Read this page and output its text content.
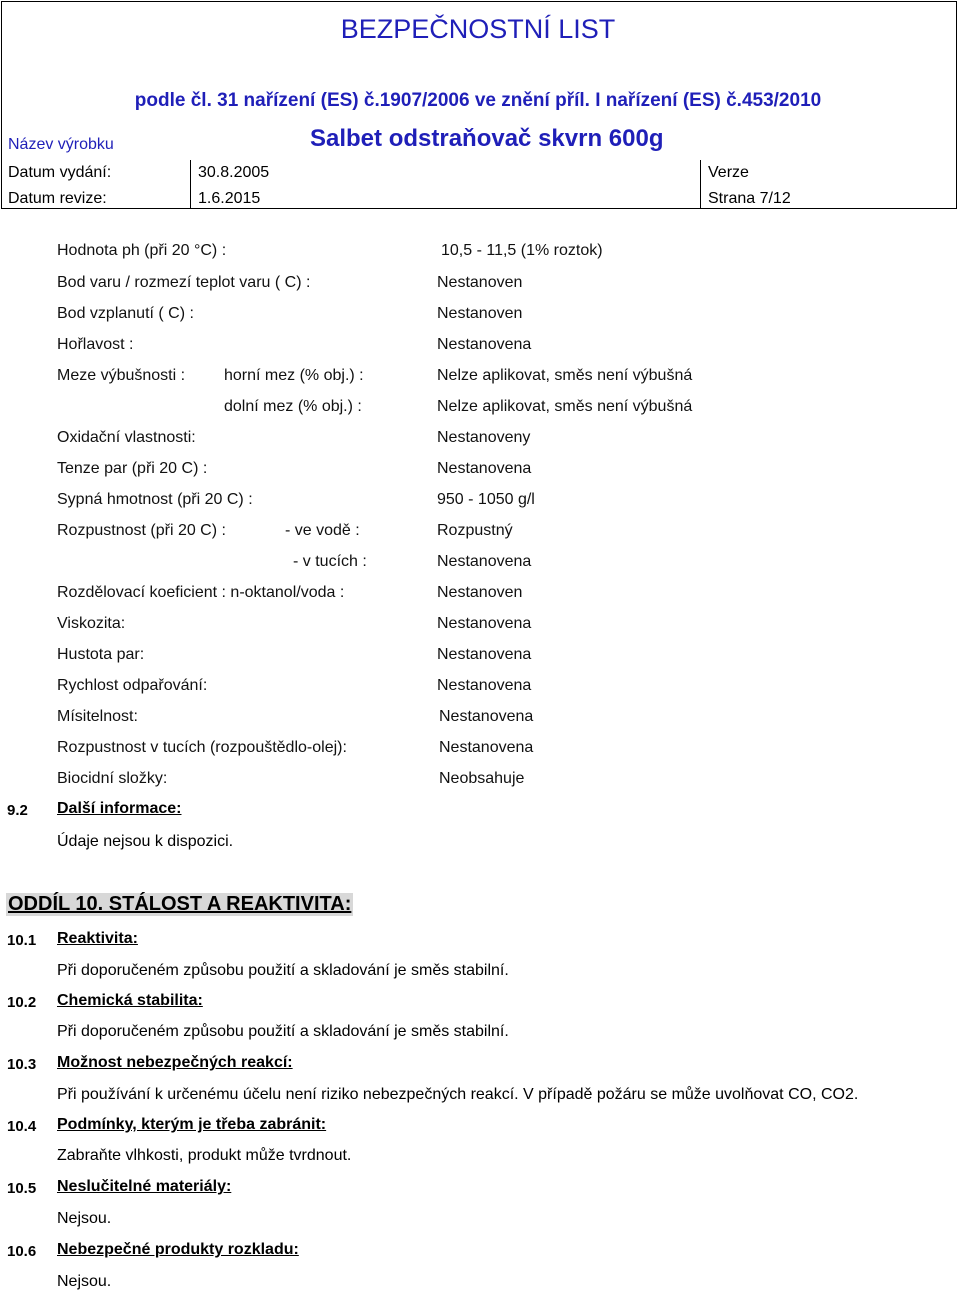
BEZPEČNOSTNÍ LIST
podle čl. 31 nařízení (ES) č.1907/2006 ve znění příl. I nařízení (ES) č.453/2010
Název výrobku	Salbet odstraňovač skvrn 600g
Datum vydání:	30.8.2005	Verze
Datum revize:	1.6.2015	Strana 7/12
Hodnota ph (při 20 °C) :	10,5 - 11,5 (1% roztok)
Bod varu / rozmezí teplot varu ( C) :	Nestanoven
Bod vzplanutí ( C) :	Nestanoven
Hořlavost :	Nestanovena
Meze výbušnosti : horní mez (% obj.) :	Nelze aplikovat, směs není výbušná
dolní mez (% obj.) :	Nelze aplikovat, směs není výbušná
Oxidační vlastnosti:	Nestanoveny
Tenze par (při 20 C) :	Nestanovena
Sypná hmotnost (při 20 C) :	950 - 1050 g/l
Rozpustnost (při 20 C) :	- ve vodě :	Rozpustný
- v tucích :	Nestanovena
Rozdělovací koeficient : n-oktanol/voda :	Nestanoven
Viskozita:	Nestanovena
Hustota par:	Nestanovena
Rychlost odpařování:	Nestanovena
Mísitelnost:	Nestanovena
Rozpustnost v tucích (rozpouštědlo-olej):	Nestanovena
Biocidní složky:	Neobsahuje
9.2 Další informace:
Údaje nejsou k dispozici.
ODDÍL 10. STÁLOST A REAKTIVITA:
10.1 Reaktivita:
Při doporučeném způsobu použití a skladování je směs stabilní.
10.2 Chemická stabilita:
Při doporučeném způsobu použití a skladování je směs stabilní.
10.3 Možnost nebezpečných reakcí:
Při používání k určenému účelu není riziko nebezpečných reakcí. V případě požáru se může uvolňovat CO, CO2.
10.4 Podmínky, kterým je třeba zabránit:
Zabraňte vlhkosti, produkt může tvrdnout.
10.5 Neslučitelné materiály:
Nejsou.
10.6 Nebezpečné produkty rozkladu:
Nejsou.
